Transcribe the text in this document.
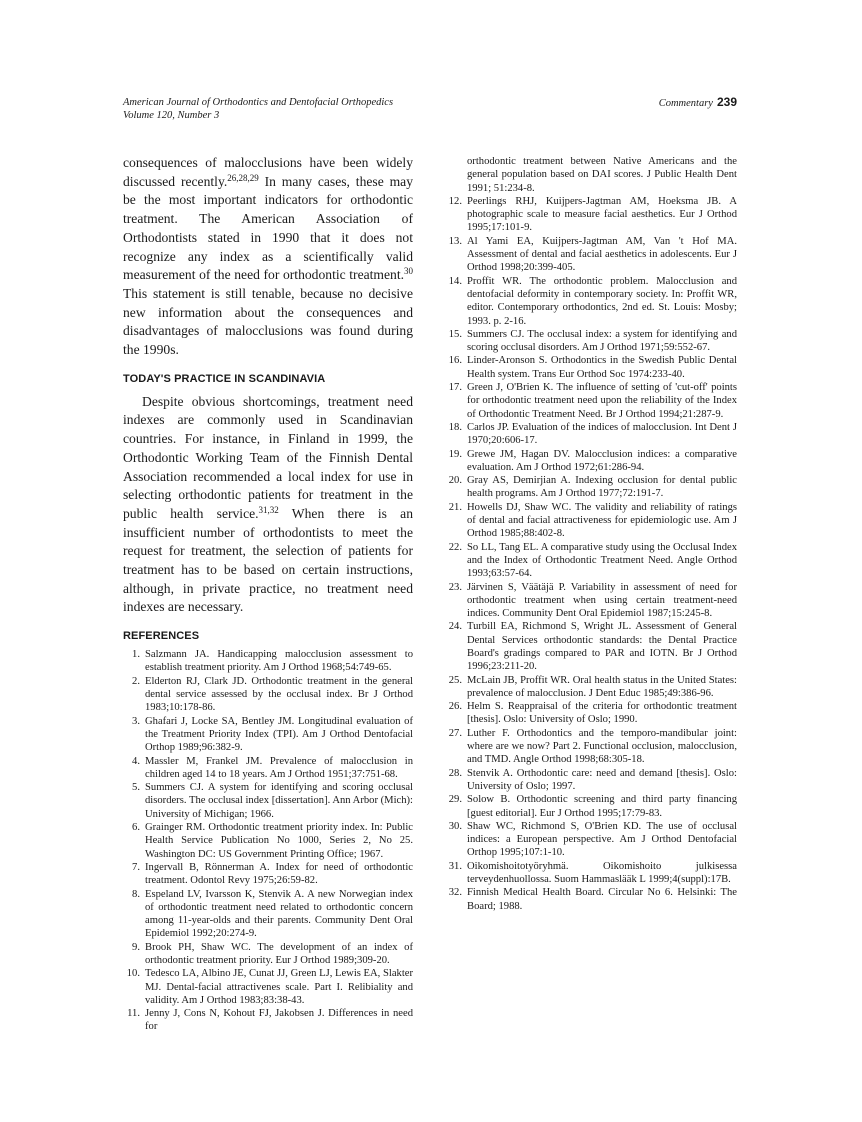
American Journal of Orthodontics and Dentofacial Orthopedics
Volume 120, Number 3
Commentary 239

consequences of malocclusions have been widely discussed recently.$^{26,28,29}$ In many cases, these may be the most important indicators for orthodontic treatment. The American Association of Orthodontists stated in 1990 that it does not recognize any index as a scientifically valid measurement of the need for orthodontic treatment.$^{30}$ This statement is still tenable, because no decisive new information about the consequences and disadvantages of malocclusions was found during the 1990s.

TODAY'S PRACTICE IN SCANDINAVIA

Despite obvious shortcomings, treatment need indexes are commonly used in Scandinavian countries. For instance, in Finland in 1999, the Orthodontic Working Team of the Finnish Dental Association recommended a local index for use in selecting orthodontic patients for treatment in the public health service.$^{31,32}$ When there is an insufficient number of orthodontists to meet the request for treatment, the selection of patients for treatment has to be based on certain instructions, although, in private practice, no treatment need indexes are necessary.

REFERENCES
1. Salzmann JA. Handicapping malocclusion assessment to establish treatment priority. Am J Orthod 1968;54:749-65.
2. Elderton RJ, Clark JD. Orthodontic treatment in the general dental service assessed by the occlusal index. Br J Orthod 1983;10:178-86.
3. Ghafari J, Locke SA, Bentley JM. Longitudinal evaluation of the Treatment Priority Index (TPI). Am J Orthod Dentofacial Orthop 1989;96:382-9.
4. Massler M, Frankel JM. Prevalence of malocclusion in children aged 14 to 18 years. Am J Orthod 1951;37:751-68.
5. Summers CJ. A system for identifying and scoring occlusal disorders. The occlusal index [dissertation]. Ann Arbor (Mich): University of Michigan; 1966.
6. Grainger RM. Orthodontic treatment priority index. In: Public Health Service Publication No 1000, Series 2, No 25. Washington DC: US Government Printing Office; 1967.
7. Ingervall B, Rönnerman A. Index for need of orthodontic treatment. Odontol Revy 1975;26:59-82.
8. Espeland LV, Ivarsson K, Stenvik A. A new Norwegian index of orthodontic treatment need related to orthodontic concern among 11-year-olds and their parents. Community Dent Oral Epidemiol 1992;20:274-9.
9. Brook PH, Shaw WC. The development of an index of orthodontic treatment priority. Eur J Orthod 1989;309-20.
10. Tedesco LA, Albino JE, Cunat JJ, Green LJ, Lewis EA, Slakter MJ. Dental-facial attractivenes scale. Part I. Relibiality and validity. Am J Orthod 1983;83:38-43.
11. Jenny J, Cons N, Kohout FJ, Jakobsen J. Differences in need for
orthodontic treatment between Native Americans and the general population based on DAI scores. J Public Health Dent 1991; 51:234-8.
12. Peerlings RHJ, Kuijpers-Jagtman AM, Hoeksma JB. A photographic scale to measure facial aesthetics. Eur J Orthod 1995;17:101-9.
13. Al Yami EA, Kuijpers-Jagtman AM, Van 't Hof MA. Assessment of dental and facial aesthetics in adolescents. Eur J Orthod 1998;20:399-405.
14. Proffit WR. The orthodontic problem. Malocclusion and dentofacial deformity in contemporary society. In: Proffit WR, editor. Contemporary orthodontics, 2nd ed. St. Louis: Mosby; 1993. p. 2-16.
15. Summers CJ. The occlusal index: a system for identifying and scoring occlusal disorders. Am J Orthod 1971;59:552-67.
16. Linder-Aronson S. Orthodontics in the Swedish Public Dental Health system. Trans Eur Orthod Soc 1974:233-40.
17. Green J, O'Brien K. The influence of setting of 'cut-off' points for orthodontic treatment need upon the reliability of the Index of Orthodontic Treatment Need. Br J Orthod 1994;21:287-9.
18. Carlos JP. Evaluation of the indices of malocclusion. Int Dent J 1970;20:606-17.
19. Grewe JM, Hagan DV. Malocclusion indices: a comparative evaluation. Am J Orthod 1972;61:286-94.
20. Gray AS, Demirjian A. Indexing occlusion for dental public health programs. Am J Orthod 1977;72:191-7.
21. Howells DJ, Shaw WC. The validity and reliability of ratings of dental and facial attractiveness for epidemiologic use. Am J Orthod 1985;88:402-8.
22. So LL, Tang EL. A comparative study using the Occlusal Index and the Index of Orthodontic Treatment Need. Angle Orthod 1993;63:57-64.
23. Järvinen S, Väätäjä P. Variability in assessment of need for orthodontic treatment when using certain treatment-need indices. Community Dent Oral Epidemiol 1987;15:245-8.
24. Turbill EA, Richmond S, Wright JL. Assessment of General Dental Services orthodontic standards: the Dental Practice Board's gradings compared to PAR and IOTN. Br J Orthod 1996;23:211-20.
25. McLain JB, Proffit WR. Oral health status in the United States: prevalence of malocclusion. J Dent Educ 1985;49:386-96.
26. Helm S. Reappraisal of the criteria for orthodontic treatment [thesis]. Oslo: University of Oslo; 1990.
27. Luther F. Orthodontics and the temporo-mandibular joint: where are we now? Part 2. Functional occlusion, malocclusion, and TMD. Angle Orthod 1998;68:305-18.
28. Stenvik A. Orthodontic care: need and demand [thesis]. Oslo: University of Oslo; 1997.
29. Solow B. Orthodontic screening and third party financing [guest editorial]. Eur J Orthod 1995;17:79-83.
30. Shaw WC, Richmond S, O'Brien KD. The use of occlusal indices: a European perspective. Am J Orthod Dentofacial Orthop 1995;107:1-10.
31. Oikomishoitotyöryhmä. Oikomishoito julkisessa terveydenhuollossa. Suom Hammaslääk L 1999;4(suppl):17B.
32. Finnish Medical Health Board. Circular No 6. Helsinki: The Board; 1988.
